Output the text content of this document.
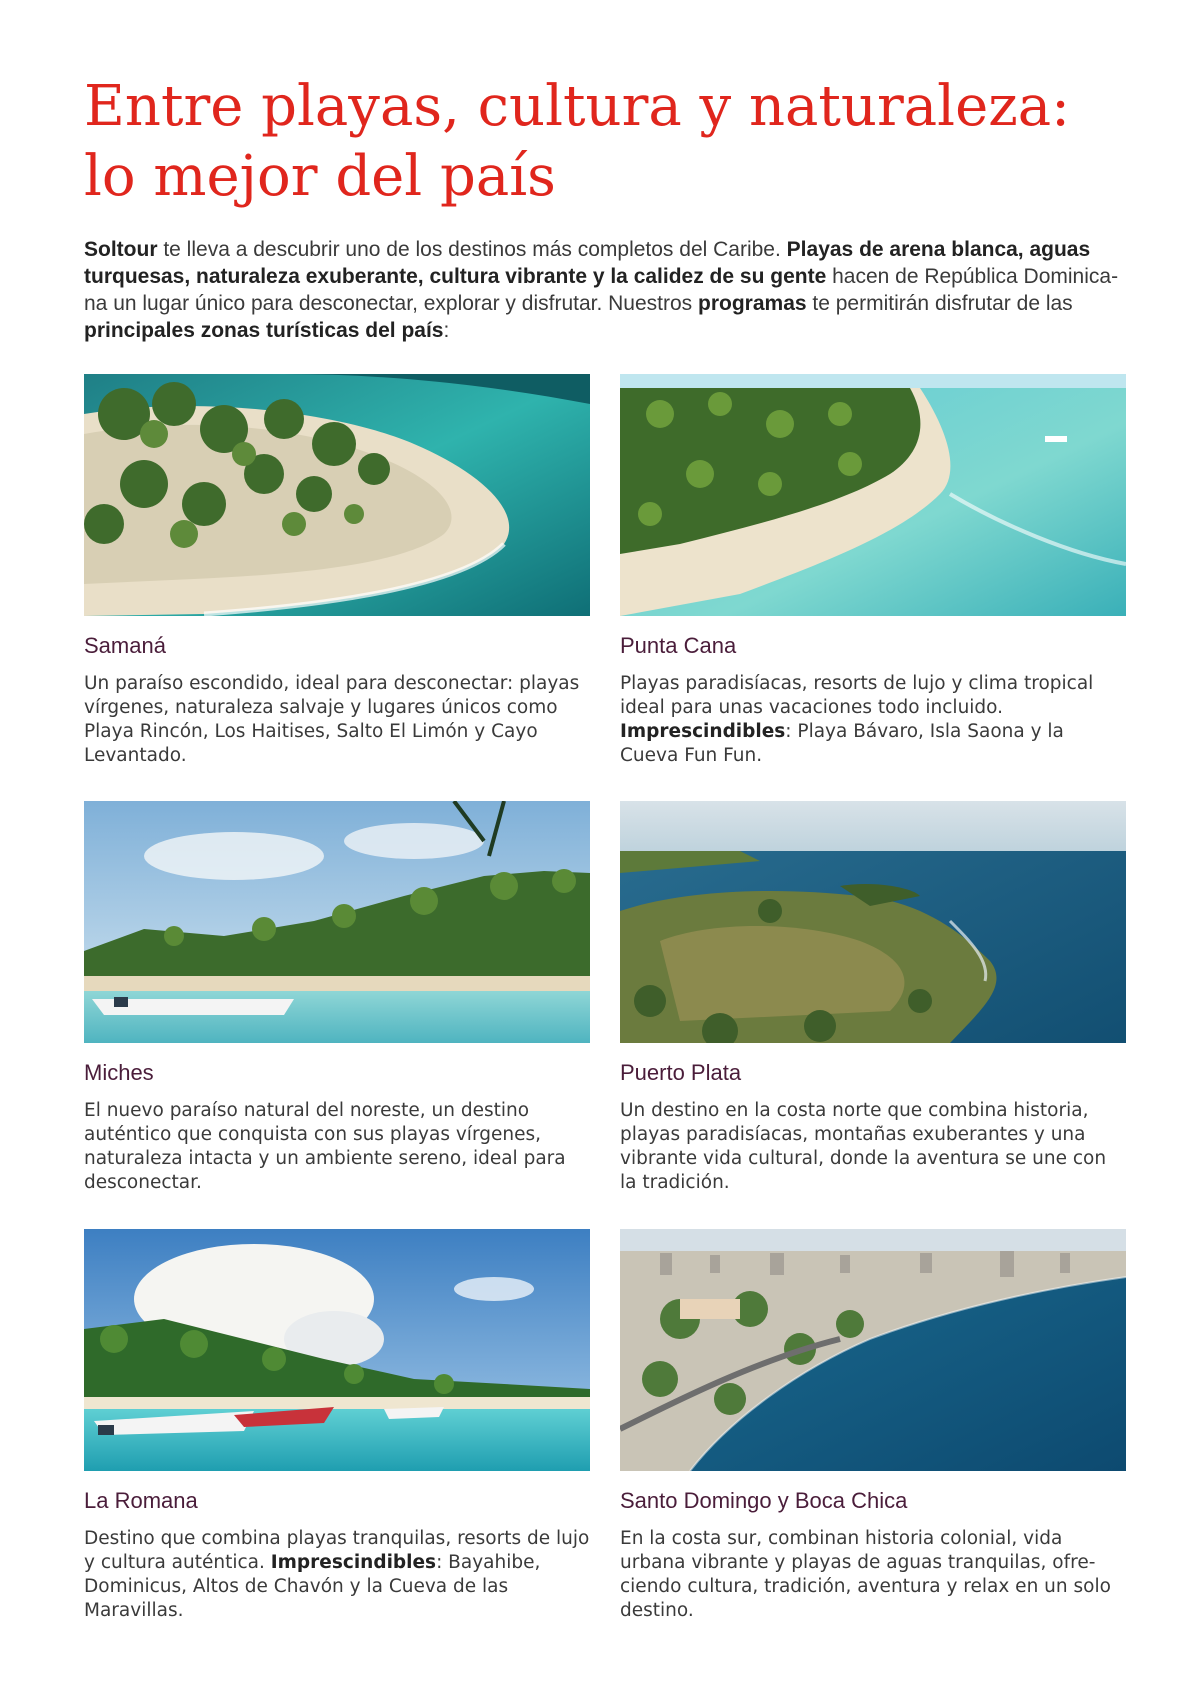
Entre playas, cultura y naturaleza:
lo mejor del país

Soltour te lleva a descubrir uno de los destinos más completos del Caribe. Playas de arena blanca, aguas turquesas, naturaleza exuberante, cultura vibrante y la calidez de su gente hacen de República Dominicana un lugar único para desconectar, explorar y disfrutar. Nuestros programas te permitirán disfrutar de las principales zonas turísticas del país:

Samaná

Un paraíso escondido, ideal para desconectar: playas vírgenes, naturaleza salvaje y lugares únicos como Playa Rincón, Los Haitises, Salto El Limón y Cayo Levantado.

Punta Cana

Playas paradisíacas, resorts de lujo y clima tropical ideal para unas vacaciones todo incluido. Imprescindibles: Playa Bávaro, Isla Saona y la Cueva Fun Fun.

Miches

El nuevo paraíso natural del noreste, un destino auténtico que conquista con sus playas vírgenes, naturaleza intacta y un ambiente sereno, ideal para desconectar.

Puerto Plata

Un destino en la costa norte que combina historia, playas paradisíacas, montañas exuberantes y una vibrante vida cultural, donde la aventura se une con la tradición.

La Romana

Destino que combina playas tranquilas, resorts de lujo y cultura auténtica. Imprescindibles: Bayahibe, Dominicus, Altos de Chavón y la Cueva de las Maravillas.

Santo Domingo y Boca Chica

En la costa sur, combinan historia colonial, vida urbana vibrante y playas de aguas tranquilas, ofreciendo cultura, tradición, aventura y relax en un solo destino.
